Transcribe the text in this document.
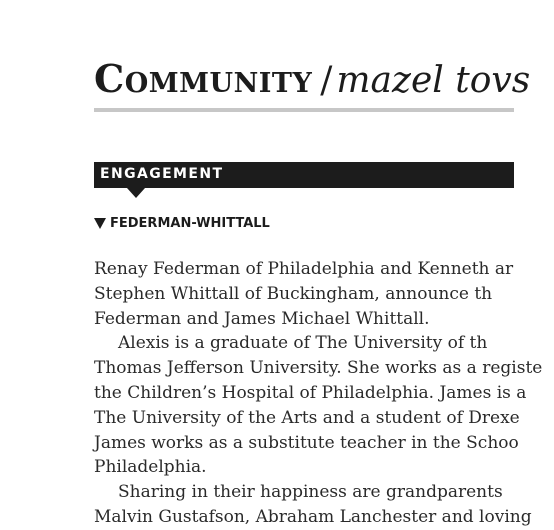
Community / mazel tovs
ENGAGEMENT
FEDERMAN-WHITTALL
Renay Federman of Philadelphia and Kenneth ar
Stephen Whittall of Buckingham, announce th
Federman and James Michael Whittall.
Alexis is a graduate of The University of th
Thomas Jefferson University. She works as a registe
the Children’s Hospital of Philadelphia. James is a
The University of the Arts and a student of Drexe
James works as a substitute teacher in the Schoo
Philadelphia.
Sharing in their happiness are grandparents
Malvin Gustafson, Abraham Lanchester and loving
